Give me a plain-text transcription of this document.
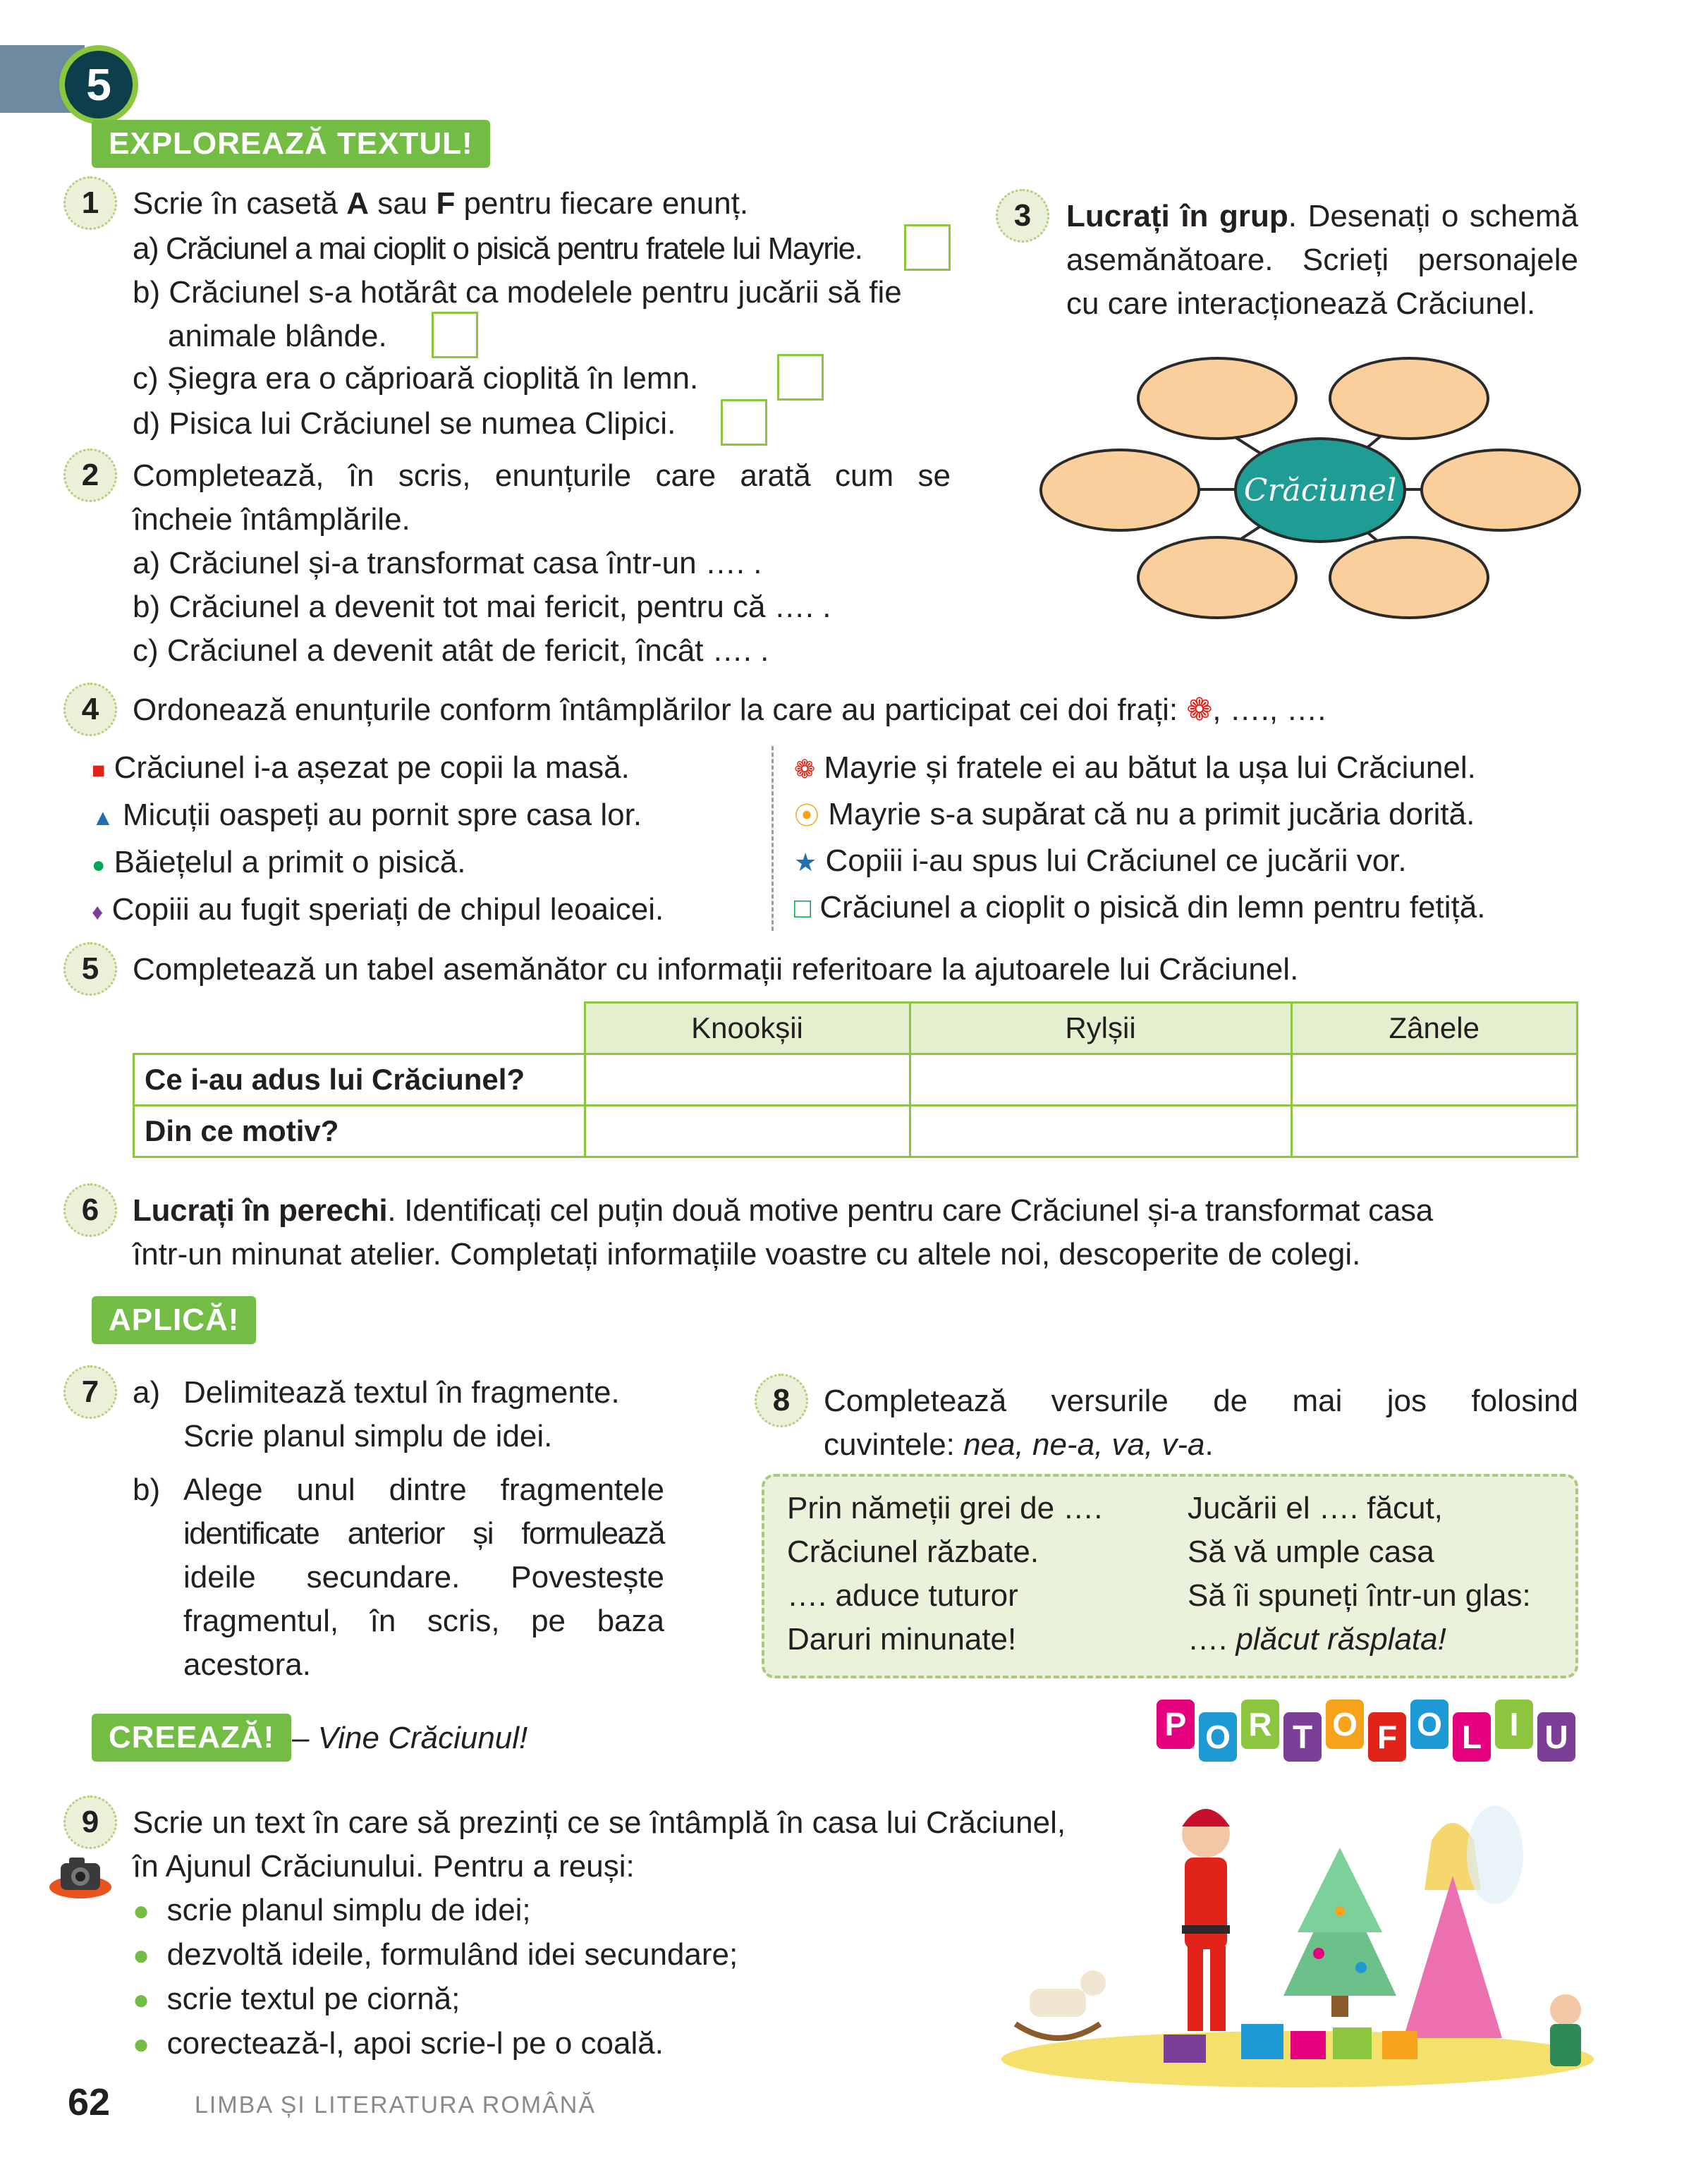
5
EXPLOREAZĂ TEXTUL!
1	Scrie în casetă A sau F pentru fiecare enunț.
a) Crăciunel a mai cioplit o pisică pentru fratele lui Mayrie.
b) Crăciunel s-a hotărât ca modelele pentru jucării să fie
animale blânde.
c) Șiegra era o căprioară cioplită în lemn.
d) Pisica lui Crăciunel se numea Clipici.
2	Completează, în scris, enunțurile care arată cum se
încheie întâmplările.
a) Crăciunel și-a transformat casa într-un …. .
b) Crăciunel a devenit tot mai fericit, pentru că …. .
c) Crăciunel a devenit atât de fericit, încât …. .
3	Lucrați în grup. Desenați o schemă
asemănătoare. Scrieți personajele
cu care interacționează Crăciunel.
Crăciunel
4	Ordonează enunțurile conform întâmplărilor la care au participat cei doi frați: ❁, …., ….
■ Crăciunel i-a așezat pe copii la masă.
▲ Micuții oaspeți au pornit spre casa lor.
● Băiețelul a primit o pisică.
♦ Copiii au fugit speriați de chipul leoaicei.
❁ Mayrie și fratele ei au bătut la ușa lui Crăciunel.
⦿ Mayrie s-a supărat că nu a primit jucăria dorită.
★ Copiii i-au spus lui Crăciunel ce jucării vor.
□ Crăciunel a cioplit o pisică din lemn pentru fetiță.
5	Completează un tabel asemănător cu informații referitoare la ajutoarele lui Crăciunel.
	Knookșii	Rylșii	Zânele
Ce i-au adus lui Crăciunel?			
Din ce motiv?			
6	Lucrați în perechi. Identificați cel puțin două motive pentru care Crăciunel și-a transformat casa
într-un minunat atelier. Completați informațiile voastre cu altele noi, descoperite de colegi.
APLICĂ!
7	a) Delimitează textul în fragmente.
Scrie planul simplu de idei.
b) Alege unul dintre fragmentele
identificate anterior și formulează
ideile secundare. Povestește
fragmentul, în scris, pe baza
acestora.
8	Completează versurile de mai jos folosind
cuvintele: nea, ne-a, va, v-a.
Prin nămeții grei de ….
Crăciunel răzbate.
…. aduce tuturor
Daruri minunate!
Jucării el …. făcut,
Să vă umple casa
Să îi spuneți într-un glas:
…. plăcut răsplata!
CREEAZĂ! – Vine Crăciunul!	P O R T O F O L I U
9	Scrie un text în care să prezinți ce se întâmplă în casa lui Crăciunel,
în Ajunul Crăciunului. Pentru a reuși:
● scrie planul simplu de idei;
● dezvoltă ideile, formulând idei secundare;
● scrie textul pe ciornă;
● corectează-l, apoi scrie-l pe o coală.
62	LIMBA ȘI LITERATURA ROMÂNĂ
